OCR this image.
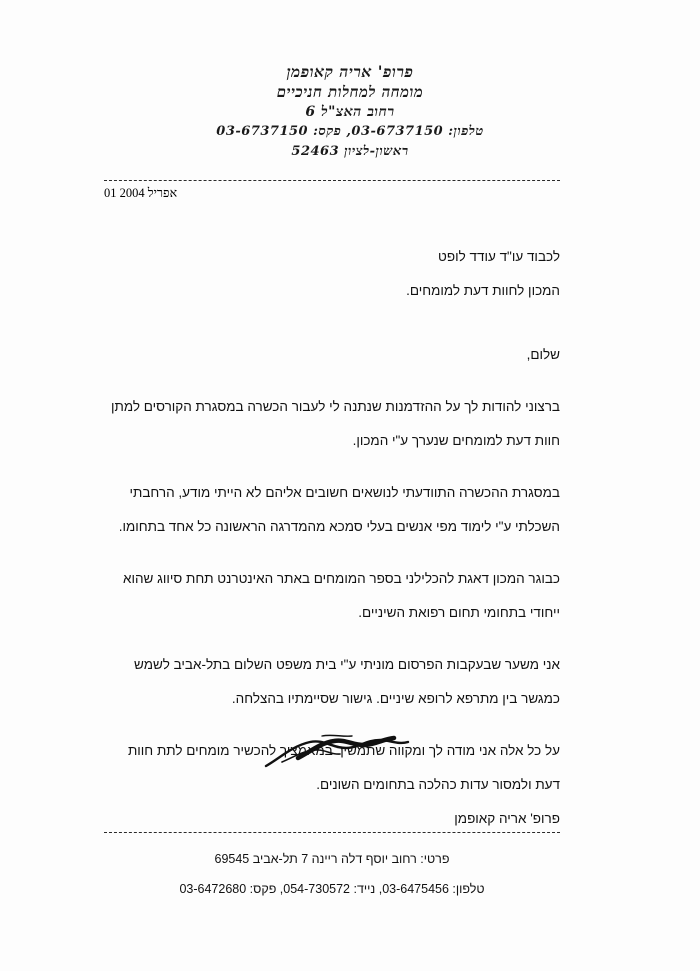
פרופ' אריה קאופמן
מומחה למחלות חניכיים
רחוב האצ"ל 6
טלפון: 03-6737150, פקס: 03-6737150
ראשון-לציון 52463
01 אפריל 2004

לכבוד עו"ד עודד לופט

המכון לחוות דעת למומחים.

שלום,

ברצוני להודות לך על ההזדמנות שנתנה לי לעבור הכשרה במסגרת הקורסים למתן

חוות דעת למומחים שנערך ע"י המכון.

במסגרת ההכשרה התוודעתי לנושאים חשובים אליהם לא הייתי מודע, הרחבתי

השכלתי ע"י לימוד מפי אנשים בעלי סמכא מהמדרגה הראשונה כל אחד בתחומו.

כבוגר המכון דאגת להכלילני בספר המומחים באתר האינטרנט תחת סיווג שהוא

ייחודי בתחומי תחום רפואת השיניים.

אני משער שבעקבות הפרסום מוניתי ע"י בית משפט השלום בתל-אביב לשמש

כמגשר בין מתרפא לרופא שיניים. גישור שסיימתיו בהצלחה.

על כל אלה אני מודה לך ומקווה שתמשיך במאמציך להכשיר מומחים לתת חוות

דעת ולמסור עדות כהלכה בתחומים השונים.

פרופ' אריה קאופמן

פרטי: רחוב יוסף דלה ריינה 7 תל-אביב 69545
טלפון: 03-6475456, נייד: 054-730572, פקס: 03-6472680
